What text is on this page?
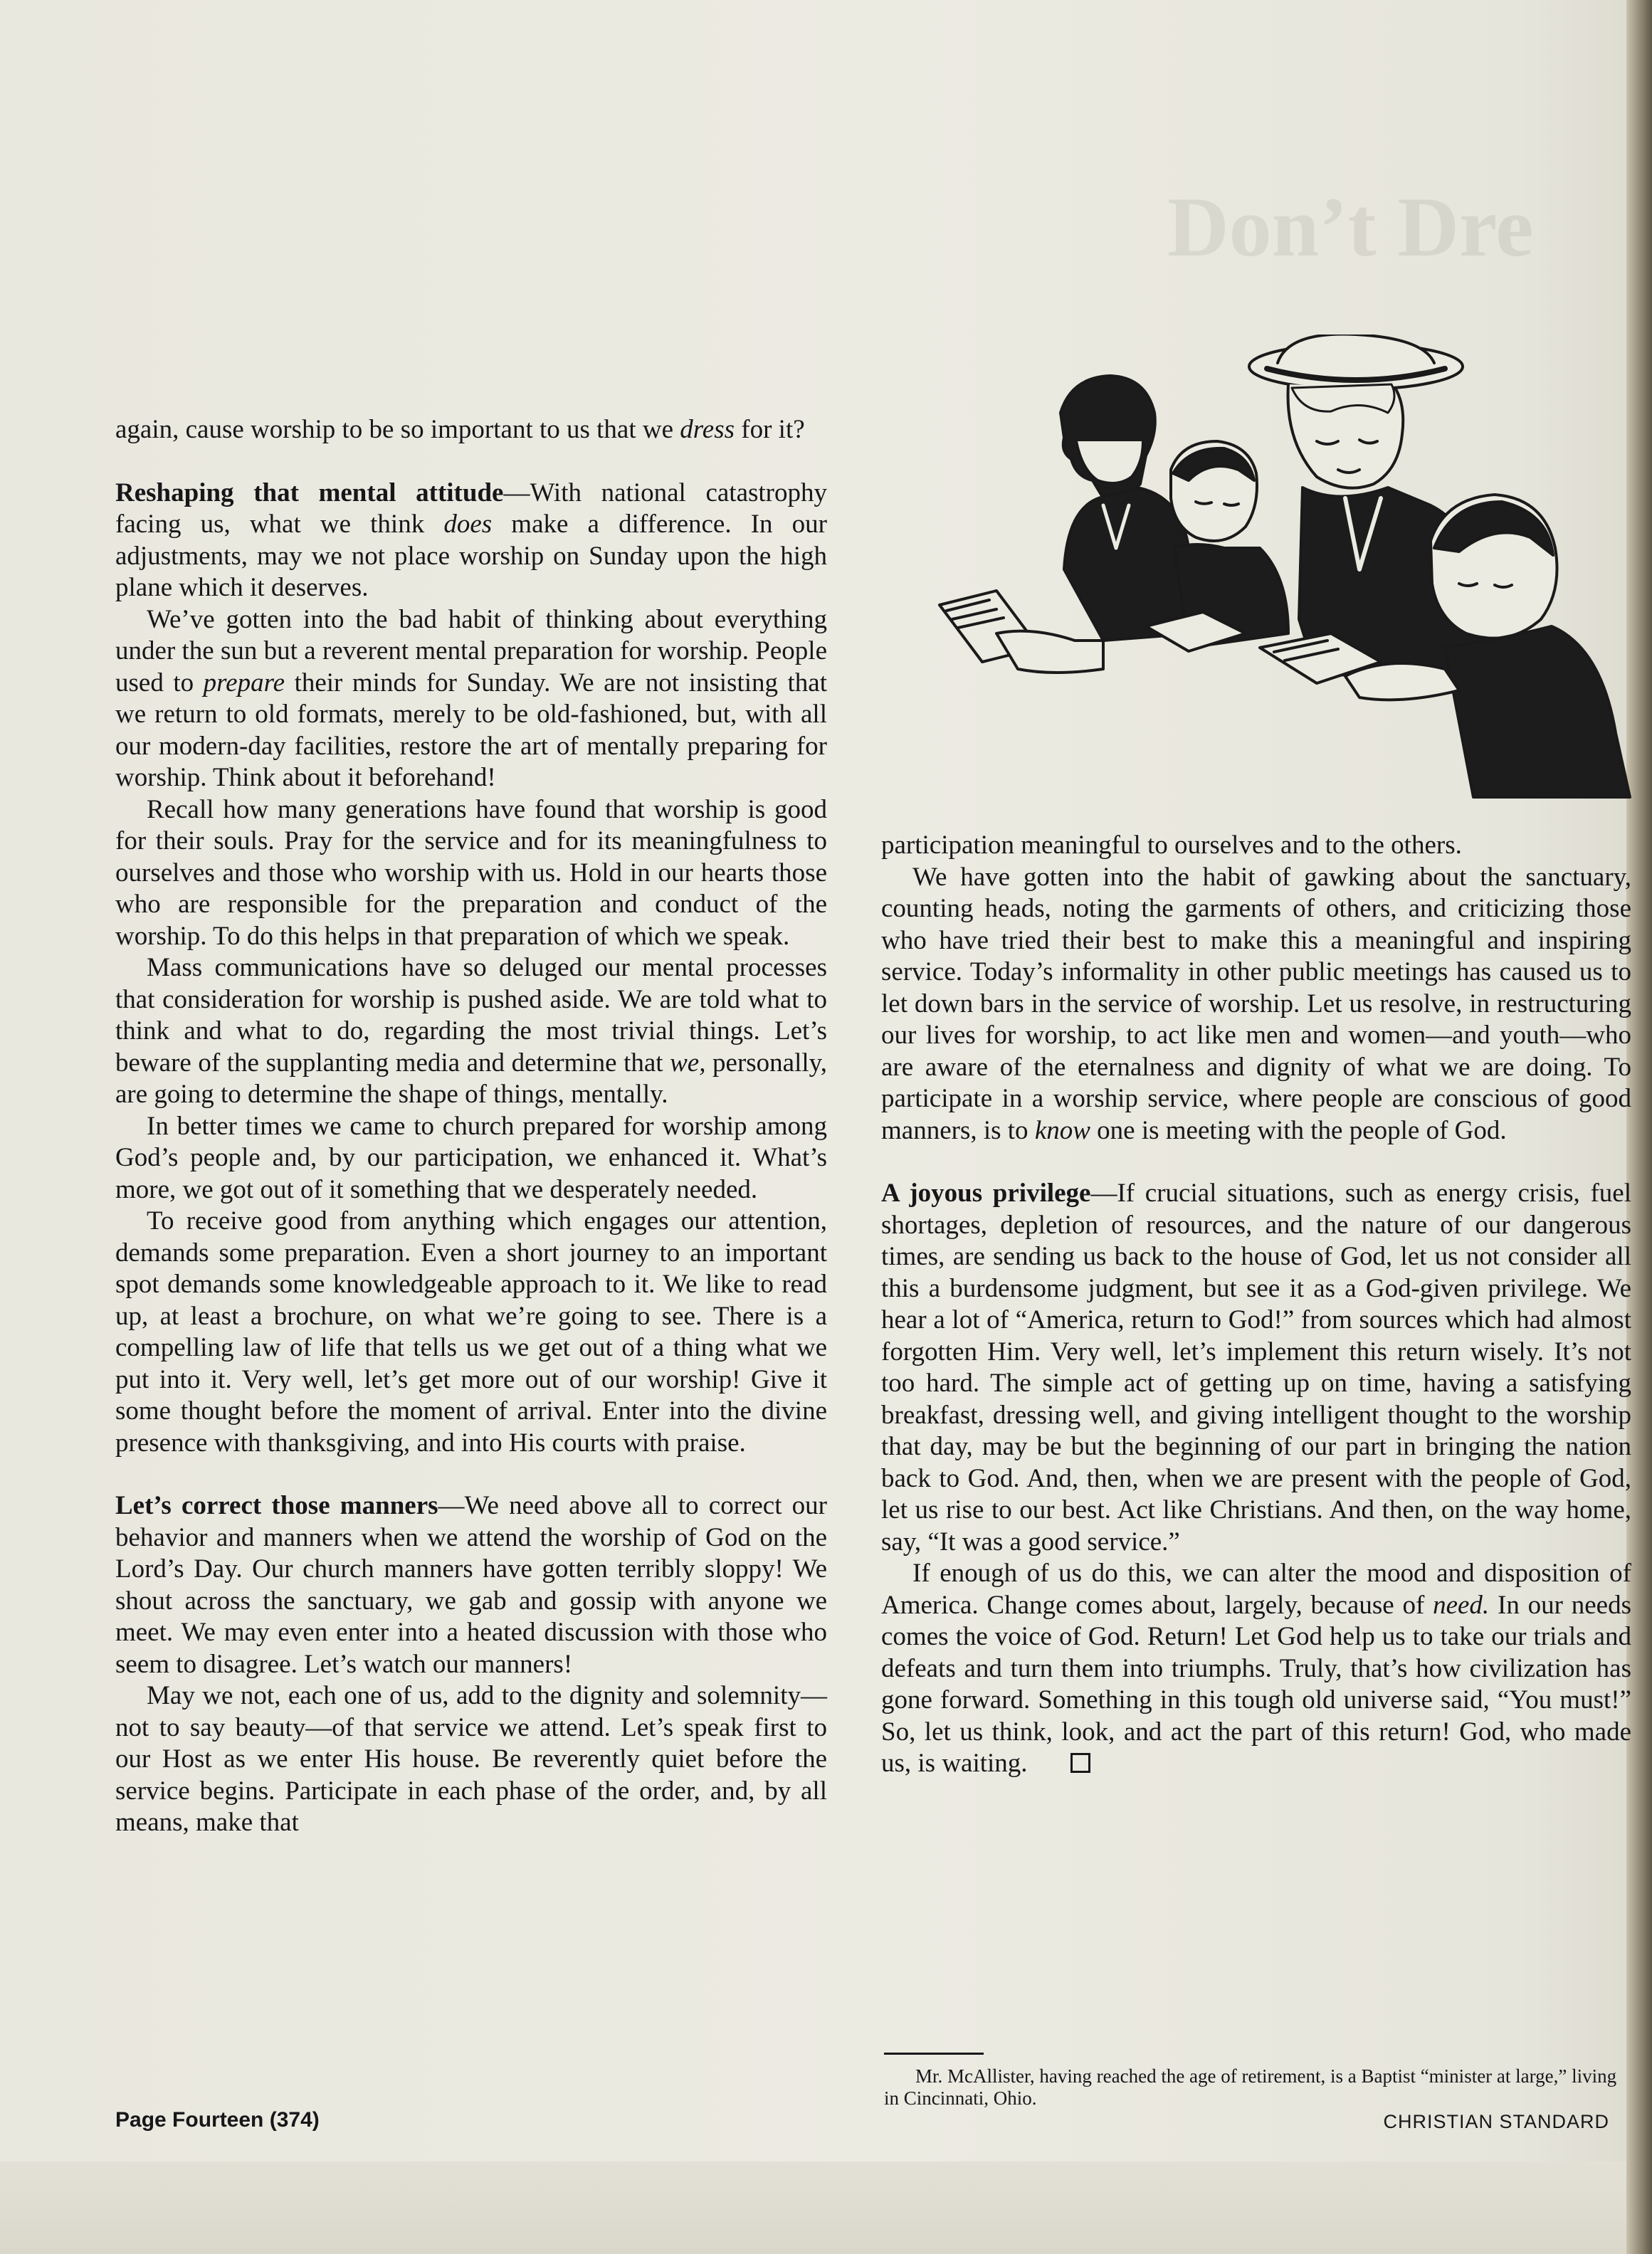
Don’t Dre

again, cause worship to be so important to us that we dress for it?

Reshaping that mental attitude—With national catastrophy facing us, what we think does make a difference. In our adjustments, may we not place worship on Sunday upon the high plane which it deserves.

We’ve gotten into the bad habit of thinking about everything under the sun but a reverent mental preparation for worship. People used to prepare their minds for Sunday. We are not insisting that we return to old formats, merely to be old-fashioned, but, with all our modern-day facilities, restore the art of mentally preparing for worship. Think about it beforehand!

Recall how many generations have found that worship is good for their souls. Pray for the service and for its meaningfulness to ourselves and those who worship with us. Hold in our hearts those who are responsible for the preparation and conduct of the worship. To do this helps in that preparation of which we speak.

Mass communications have so deluged our mental processes that consideration for worship is pushed aside. We are told what to think and what to do, regarding the most trivial things. Let’s beware of the supplanting media and determine that we, personally, are going to determine the shape of things, mentally.

In better times we came to church prepared for worship among God’s people and, by our participation, we enhanced it. What’s more, we got out of it something that we desperately needed.

To receive good from anything which engages our attention, demands some preparation. Even a short journey to an important spot demands some knowledgeable approach to it. We like to read up, at least a brochure, on what we’re going to see. There is a compelling law of life that tells us we get out of a thing what we put into it. Very well, let’s get more out of our worship! Give it some thought before the moment of arrival. Enter into the divine presence with thanksgiving, and into His courts with praise.

Let’s correct those manners—We need above all to correct our behavior and manners when we attend the worship of God on the Lord’s Day. Our church manners have gotten terribly sloppy! We shout across the sanctuary, we gab and gossip with anyone we meet. We may even enter into a heated discussion with those who seem to disagree. Let’s watch our manners!

May we not, each one of us, add to the dignity and solemnity—not to say beauty—of that service we attend. Let’s speak first to our Host as we enter His house. Be reverently quiet before the service begins. Participate in each phase of the order, and, by all means, make that

participation meaningful to ourselves and to the others.

We have gotten into the habit of gawking about the sanctuary, counting heads, noting the garments of others, and criticizing those who have tried their best to make this a meaningful and inspiring service. Today’s informality in other public meetings has caused us to let down bars in the service of worship. Let us resolve, in restructuring our lives for worship, to act like men and women—and youth—who are aware of the eternalness and dignity of what we are doing. To participate in a worship service, where people are conscious of good manners, is to know one is meeting with the people of God.

A joyous privilege—If crucial situations, such as energy crisis, fuel shortages, depletion of resources, and the nature of our dangerous times, are sending us back to the house of God, let us not consider all this a burdensome judgment, but see it as a God-given privilege. We hear a lot of “America, return to God!” from sources which had almost forgotten Him. Very well, let’s implement this return wisely. It’s not too hard. The simple act of getting up on time, having a satisfying breakfast, dressing well, and giving intelligent thought to the worship that day, may be but the beginning of our part in bringing the nation back to God. And, then, when we are present with the people of God, let us rise to our best. Act like Christians. And then, on the way home, say, “It was a good service.”

If enough of us do this, we can alter the mood and disposition of America. Change comes about, largely, because of need. In our needs comes the voice of God. Return! Let God help us to take our trials and defeats and turn them into triumphs. Truly, that’s how civilization has gone forward. Something in this tough old universe said, “You must!” So, let us think, look, and act the part of this return! God, who made us, is waiting.

Mr. McAllister, having reached the age of retirement, is a Baptist “minister at large,” living in Cincinnati, Ohio.
Page Fourteen (374)	CHRISTIAN STANDARD
